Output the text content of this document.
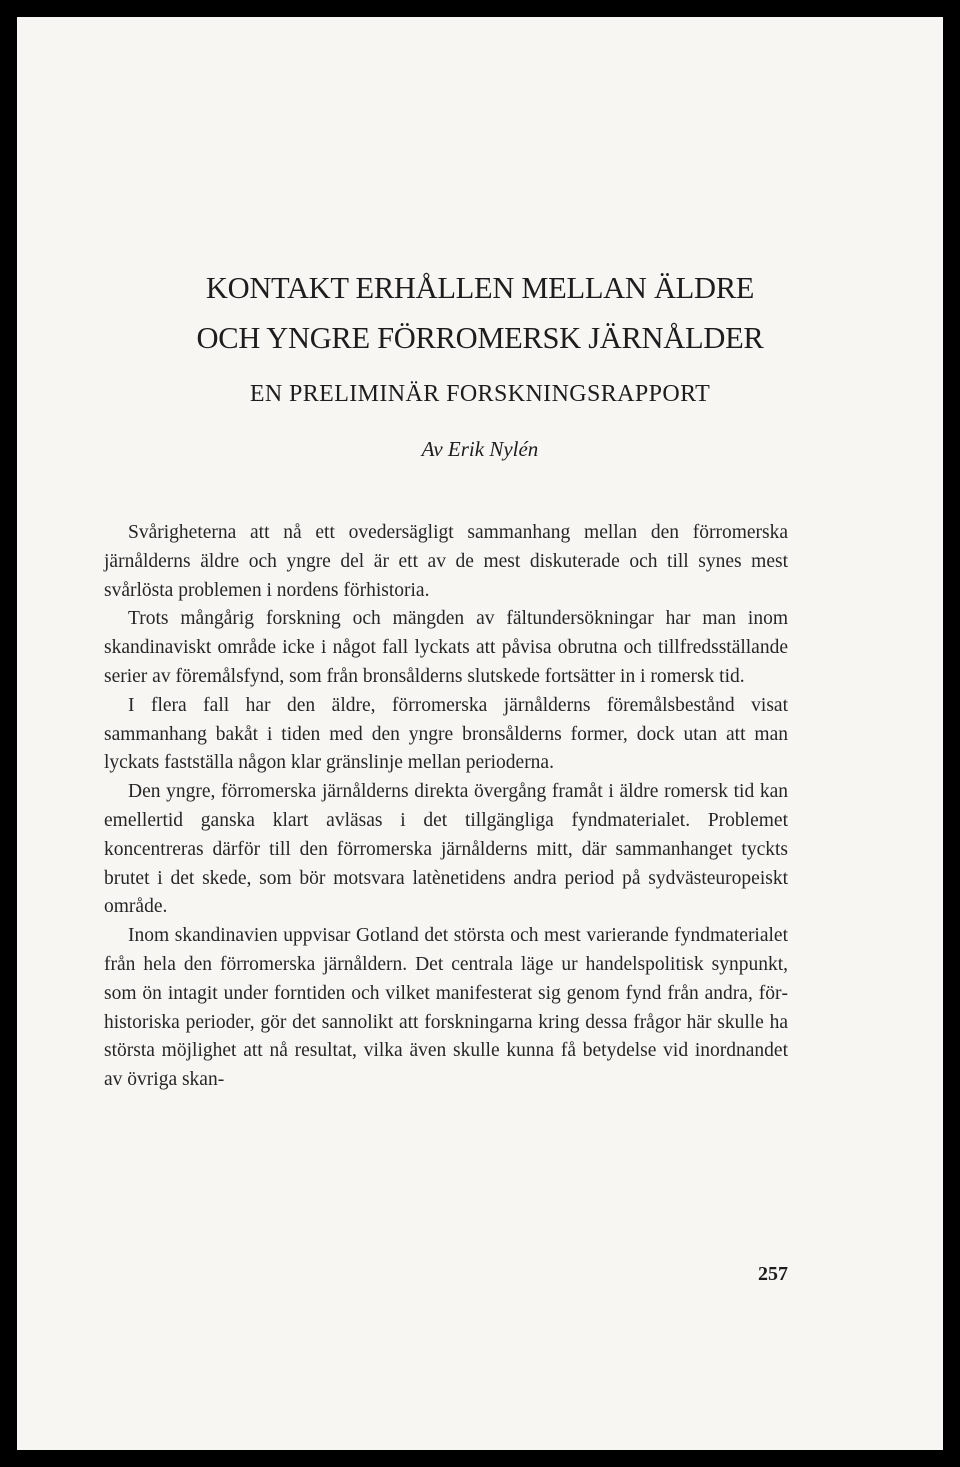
KONTAKT ERHÅLLEN MELLAN ÄLDRE
OCH YNGRE FÖRROMERSK JÄRNÅLDER
EN PRELIMINÄR FORSKNINGSRAPPORT
Av Erik Nylén

Svårigheterna att nå ett ovedersägligt sammanhang mellan den förromerska järnålderns äldre och yngre del är ett av de mest diskuterade och till synes mest svårlösta problemen i nordens förhistoria.

Trots mångårig forskning och mängden av fältundersökningar har man inom skandinaviskt område icke i något fall lyckats att påvisa obrutna och tillfredsställande serier av föremålsfynd, som från bronsålderns slutskede fortsätter in i romersk tid.

I flera fall har den äldre, förromerska järnålderns föremålsbestånd visat sammanhang bakåt i tiden med den yngre bronsålderns former, dock utan att man lyckats fastställa någon klar gränslinje mellan perioderna.

Den yngre, förromerska järnålderns direkta övergång framåt i äldre romersk tid kan emellertid ganska klart avläsas i det tillgängliga fyndmaterialet. Problemet koncentreras därför till den förromerska järnålderns mitt, där sammanhanget tyckts brutet i det skede, som bör motsvara latènetidens andra period på sydvästeuropeiskt område.

Inom skandinavien uppvisar Gotland det största och mest varierande fyndmaterialet från hela den förromerska järnåldern. Det centrala läge ur handelspolitisk synpunkt, som ön intagit under forntiden och vilket manifesterat sig genom fynd från andra, förhistoriska perioder, gör det sannolikt att forskningarna kring dessa frågor här skulle ha största möjlighet att nå resultat, vilka även skulle kunna få betydelse vid inordnandet av övriga skan-

257
